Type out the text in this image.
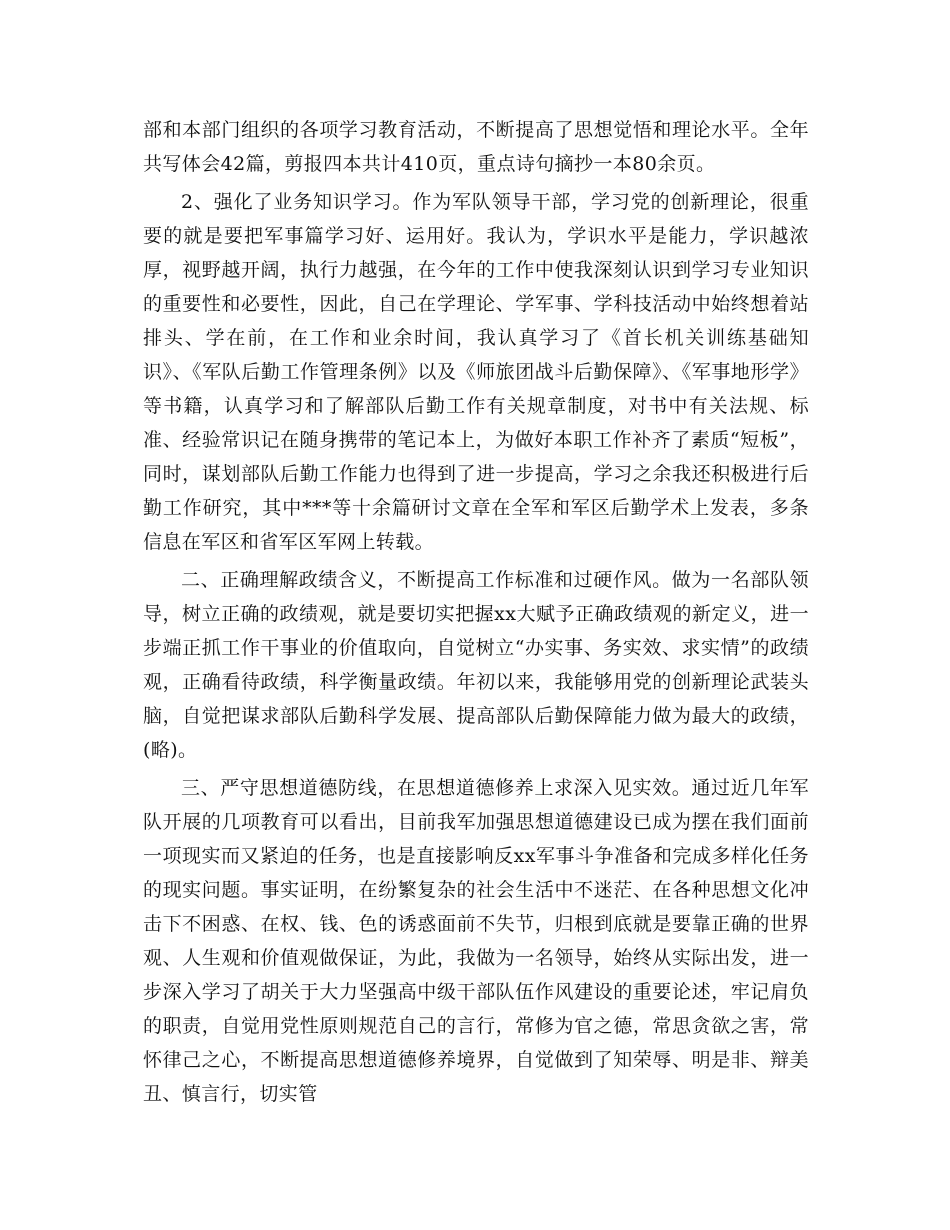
部和本部门组织的各项学习教育活动，不断提高了思想觉悟和理论水平。全年共写体会42篇，剪报四本共计410页，重点诗句摘抄一本80余页。

2、强化了业务知识学习。作为军队领导干部，学习党的创新理论，很重要的就是要把军事篇学习好、运用好。我认为，学识水平是能力，学识越浓厚，视野越开阔，执行力越强，在今年的工作中使我深刻认识到学习专业知识的重要性和必要性，因此，自己在学理论、学军事、学科技活动中始终想着站排头、学在前，在工作和业余时间，我认真学习了《首长机关训练基础知识》、《军队后勤工作管理条例》以及《师旅团战斗后勤保障》、《军事地形学》等书籍，认真学习和了解部队后勤工作有关规章制度，对书中有关法规、标准、经验常识记在随身携带的笔记本上，为做好本职工作补齐了素质“短板”，同时，谋划部队后勤工作能力也得到了进一步提高，学习之余我还积极进行后勤工作研究，其中***等十余篇研讨文章在全军和军区后勤学术上发表，多条信息在军区和省军区军网上转载。

二、正确理解政绩含义，不断提高工作标准和过硬作风。做为一名部队领导，树立正确的政绩观，就是要切实把握xx大赋予正确政绩观的新定义，进一步端正抓工作干事业的价值取向，自觉树立“办实事、务实效、求实情”的政绩观，正确看待政绩，科学衡量政绩。年初以来，我能够用党的创新理论武装头脑，自觉把谋求部队后勤科学发展、提高部队后勤保障能力做为最大的政绩，(略)。

三、严守思想道德防线，在思想道德修养上求深入见实效。通过近几年军队开展的几项教育可以看出，目前我军加强思想道德建设已成为摆在我们面前一项现实而又紧迫的任务，也是直接影响反xx军事斗争准备和完成多样化任务的现实问题。事实证明，在纷繁复杂的社会生活中不迷茫、在各种思想文化冲击下不困惑、在权、钱、色的诱惑面前不失节，归根到底就是要靠正确的世界观、人生观和价值观做保证，为此，我做为一名领导，始终从实际出发，进一步深入学习了胡关于大力坚强高中级干部队伍作风建设的重要论述，牢记肩负的职责，自觉用党性原则规范自己的言行，常修为官之德，常思贪欲之害，常怀律己之心，不断提高思想道德修养境界，自觉做到了知荣辱、明是非、辩美丑、慎言行，切实管
